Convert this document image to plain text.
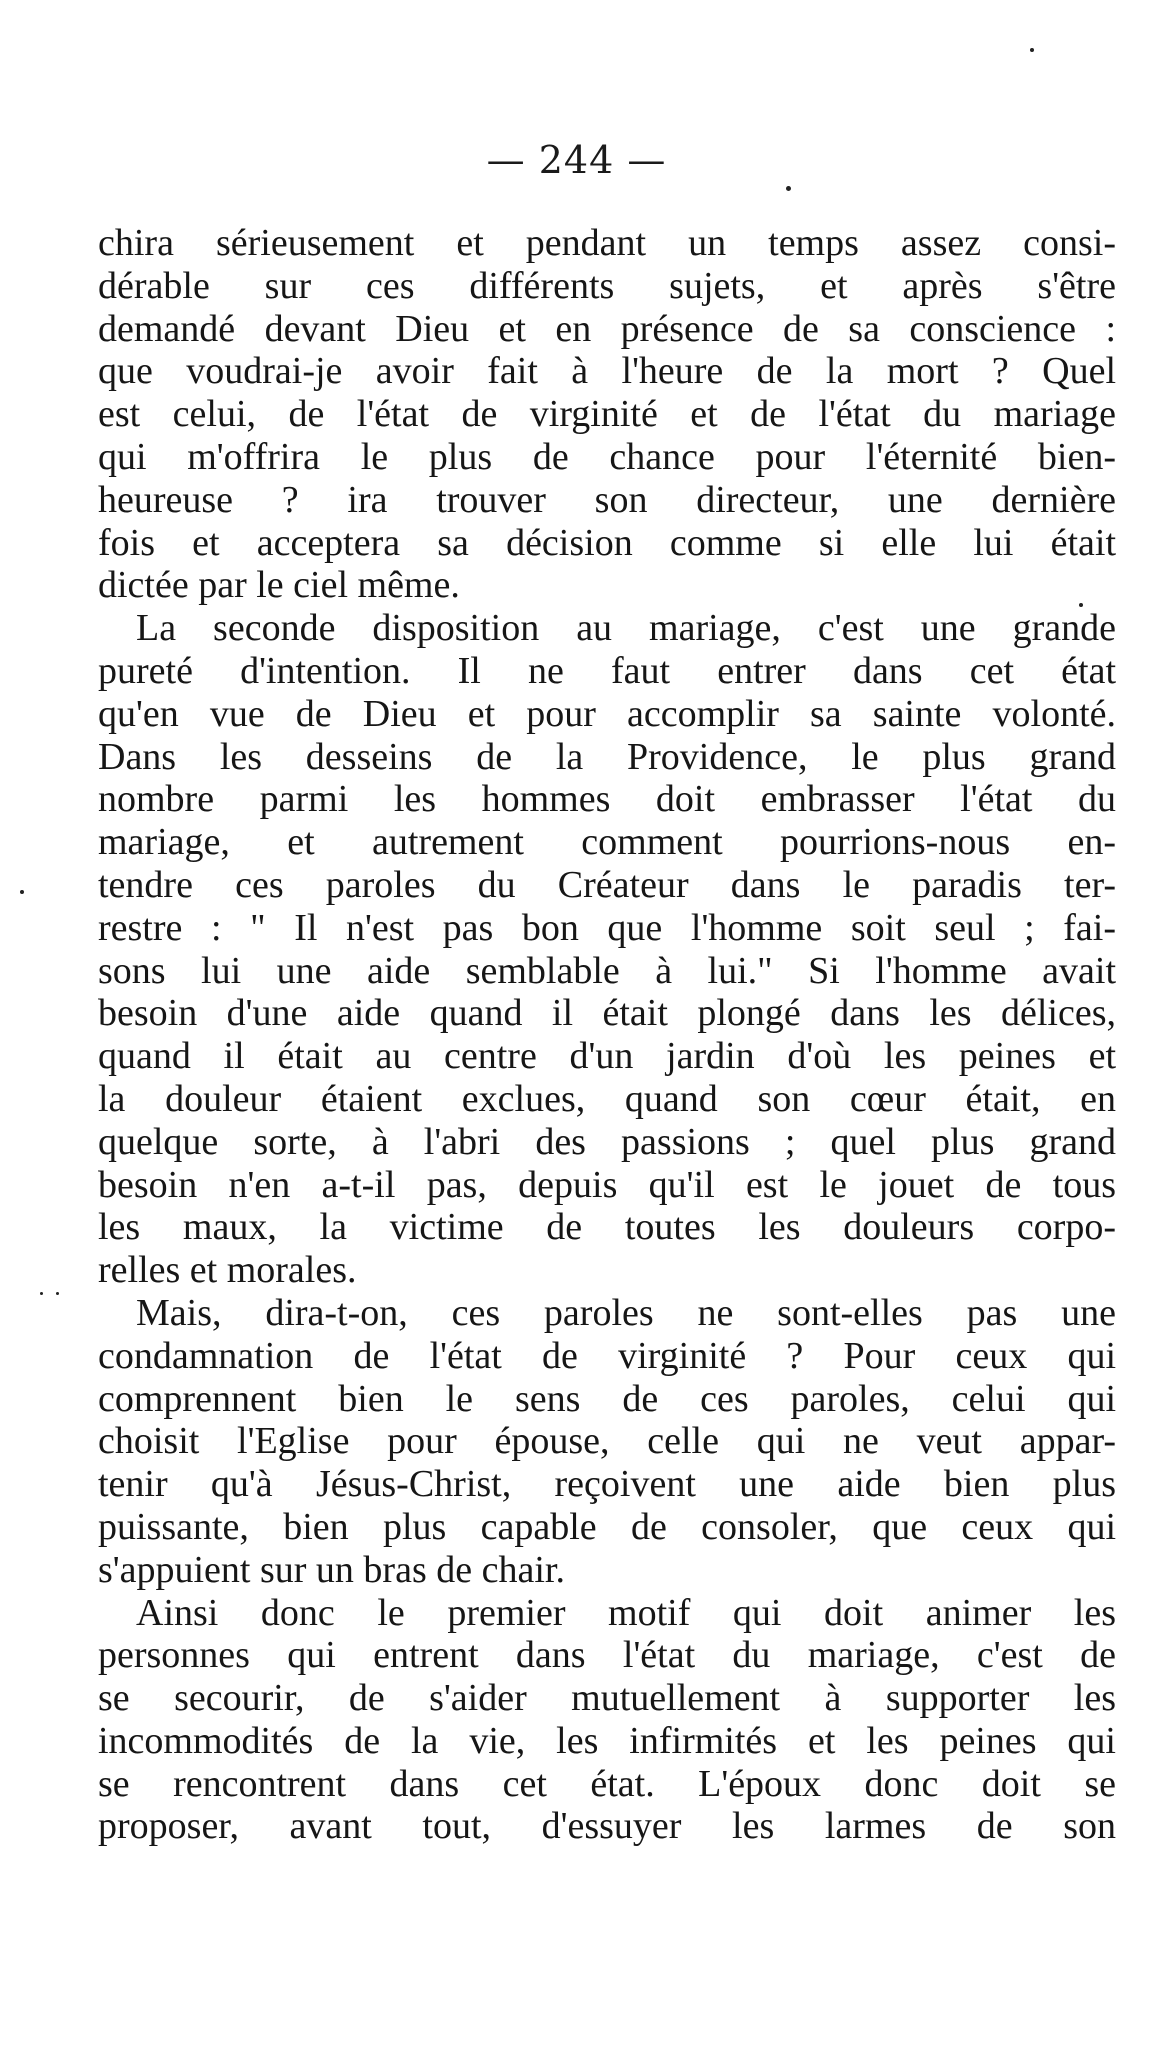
— 244 —
chira sérieusement et pendant un temps assez consi-
dérable sur ces différents sujets, et après s'être
demandé devant Dieu et en présence de sa conscience :
que voudrai-je avoir fait à l'heure de la mort ? Quel
est celui, de l'état de virginité et de l'état du mariage
qui m'offrira le plus de chance pour l'éternité bien-
heureuse ? ira trouver son directeur, une dernière
fois et acceptera sa décision comme si elle lui était
dictée par le ciel même.
La seconde disposition au mariage, c'est une grande
pureté d'intention. Il ne faut entrer dans cet état
qu'en vue de Dieu et pour accomplir sa sainte volonté.
Dans les desseins de la Providence, le plus grand
nombre parmi les hommes doit embrasser l'état du
mariage, et autrement comment pourrions-nous en-
tendre ces paroles du Créateur dans le paradis ter-
restre : " Il n'est pas bon que l'homme soit seul ; fai-
sons lui une aide semblable à lui." Si l'homme avait
besoin d'une aide quand il était plongé dans les délices,
quand il était au centre d'un jardin d'où les peines et
la douleur étaient exclues, quand son cœur était, en
quelque sorte, à l'abri des passions ; quel plus grand
besoin n'en a-t-il pas, depuis qu'il est le jouet de tous
les maux, la victime de toutes les douleurs corpo-
relles et morales.
Mais, dira-t-on, ces paroles ne sont-elles pas une
condamnation de l'état de virginité ? Pour ceux qui
comprennent bien le sens de ces paroles, celui qui
choisit l'Eglise pour épouse, celle qui ne veut appar-
tenir qu'à Jésus-Christ, reçoivent une aide bien plus
puissante, bien plus capable de consoler, que ceux qui
s'appuient sur un bras de chair.
Ainsi donc le premier motif qui doit animer les
personnes qui entrent dans l'état du mariage, c'est de
se secourir, de s'aider mutuellement à supporter les
incommodités de la vie, les infirmités et les peines qui
se rencontrent dans cet état. L'époux donc doit se
proposer, avant tout, d'essuyer les larmes de son
